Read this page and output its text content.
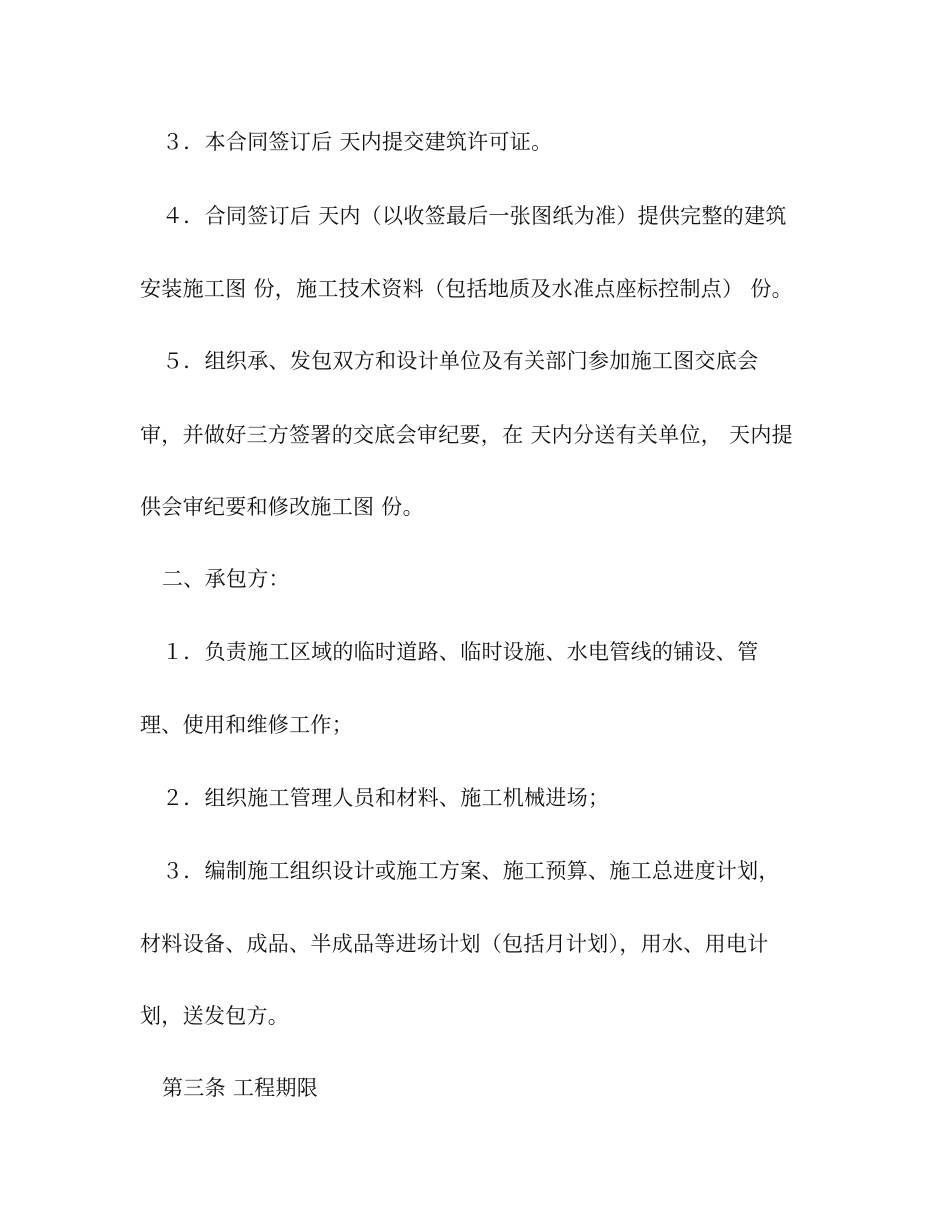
３．本合同签订后 天内提交建筑许可证。
４．合同签订后 天内（以收签最后一张图纸为准）提供完整的建筑
安装施工图 份，施工技术资料（包括地质及水准点座标控制点） 份。
５．组织承、发包双方和设计单位及有关部门参加施工图交底会
审，并做好三方签署的交底会审纪要，在 天内分送有关单位， 天内提
供会审纪要和修改施工图 份。
二、承包方：
１．负责施工区域的临时道路、临时设施、水电管线的铺设、管
理、使用和维修工作；
２．组织施工管理人员和材料、施工机械进场；
３．编制施工组织设计或施工方案、施工预算、施工总进度计划，
材料设备、成品、半成品等进场计划（包括月计划），用水、用电计
划，送发包方。
第三条 工程期限
